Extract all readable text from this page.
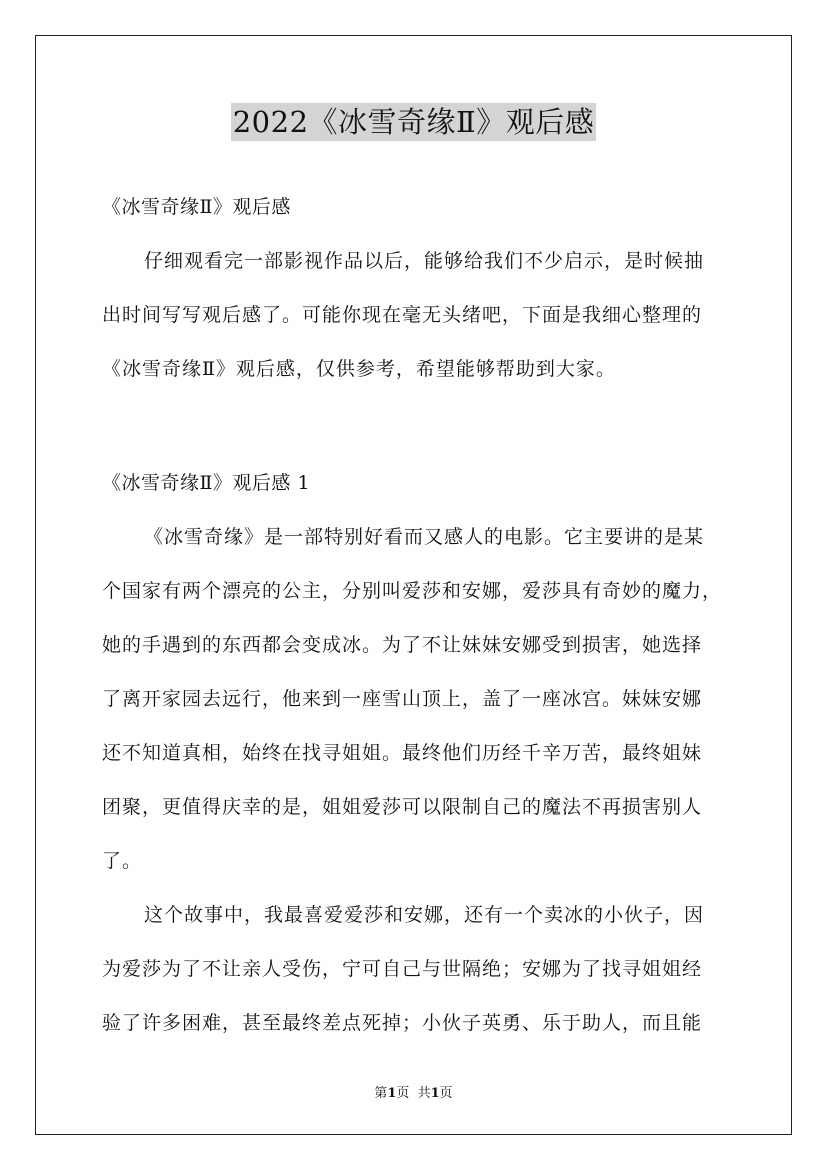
2022《冰雪奇缘Ⅱ》观后感
《冰雪奇缘Ⅱ》观后感
仔细观看完一部影视作品以后，能够给我们不少启示，是时候抽
出时间写写观后感了。可能你现在毫无头绪吧，下面是我细心整理的
《冰雪奇缘Ⅱ》观后感，仅供参考，希望能够帮助到大家。
《冰雪奇缘Ⅱ》观后感 1
《冰雪奇缘》是一部特别好看而又感人的电影。它主要讲的是某
个国家有两个漂亮的公主，分别叫爱莎和安娜，爱莎具有奇妙的魔力，
她的手遇到的东西都会变成冰。为了不让妹妹安娜受到损害，她选择
了离开家园去远行，他来到一座雪山顶上，盖了一座冰宫。妹妹安娜
还不知道真相，始终在找寻姐姐。最终他们历经千辛万苦，最终姐妹
团聚，更值得庆幸的是，姐姐爱莎可以限制自己的魔法不再损害别人
了。
这个故事中，我最喜爱爱莎和安娜，还有一个卖冰的小伙子，因
为爱莎为了不让亲人受伤，宁可自己与世隔绝；安娜为了找寻姐姐经
验了许多困难，甚至最终差点死掉；小伙子英勇、乐于助人，而且能
第1页  共1页
